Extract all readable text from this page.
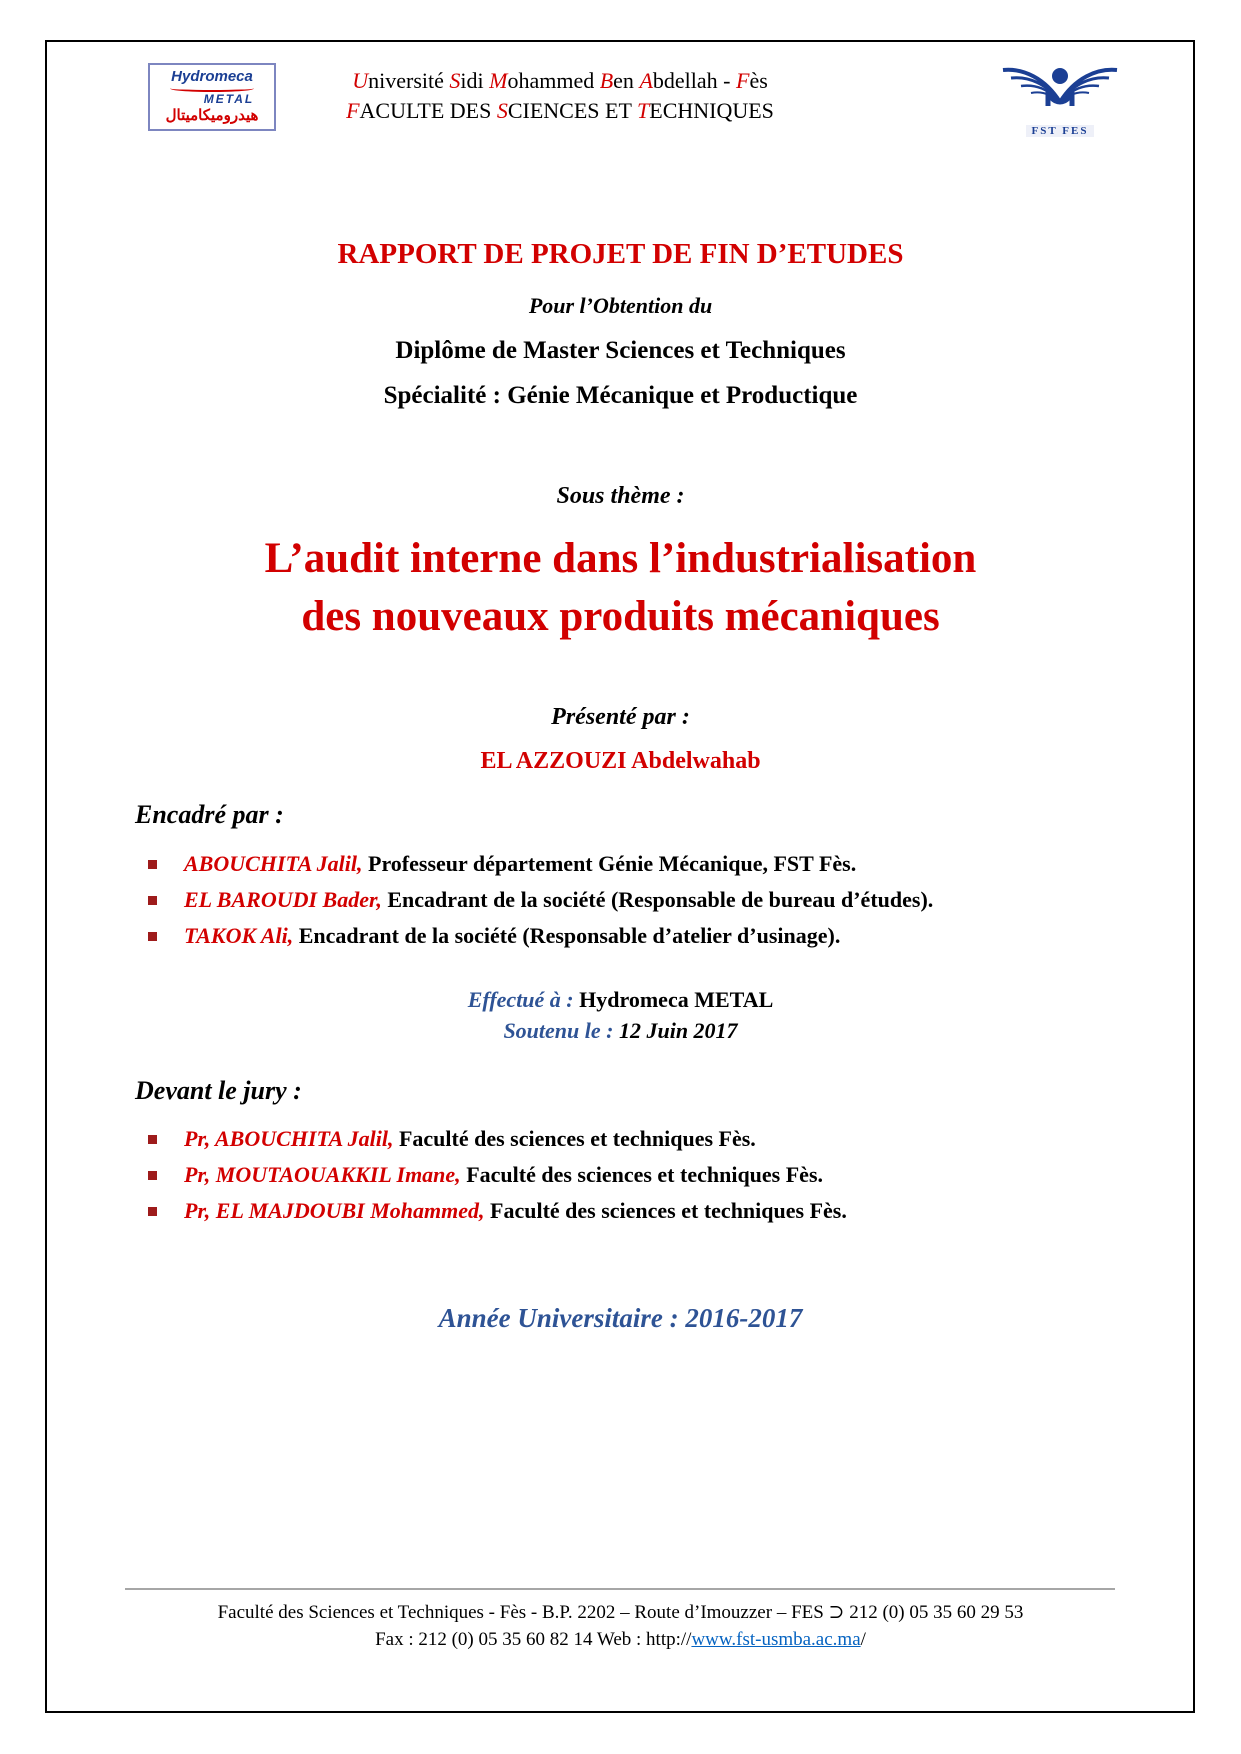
Hydromeca
METAL
هيدروميكاميتال
Université Sidi Mohammed Ben Abdellah - Fès
FACULTE DES SCIENCES ET TECHNIQUES
FST FES
RAPPORT DE PROJET DE FIN D’ETUDES
Pour l’Obtention du
Diplôme de Master Sciences et Techniques
Spécialité : Génie Mécanique et Productique
Sous thème :
L’audit interne dans l’industrialisation
des nouveaux produits mécaniques
Présenté par :
EL AZZOUZI Abdelwahab
Encadré par :
ABOUCHITA Jalil, Professeur département Génie Mécanique, FST Fès.
EL BAROUDI Bader, Encadrant de la société (Responsable de bureau d’études).
TAKOK Ali, Encadrant de la société (Responsable d’atelier d’usinage).
Effectué à : Hydromeca METAL
Soutenu le : 12 Juin 2017
Devant le jury :
Pr, ABOUCHITA Jalil, Faculté des sciences et techniques Fès.
Pr, MOUTAOUAKKIL Imane, Faculté des sciences et techniques Fès.
Pr, EL MAJDOUBI Mohammed, Faculté des sciences et techniques Fès.
Année Universitaire : 2016-2017
Faculté des Sciences et Techniques - Fès - B.P. 2202 – Route d’Imouzzer – FES ⊃ 212 (0) 05 35 60 29 53
Fax : 212 (0) 05 35 60 82 14 Web : http://www.fst-usmba.ac.ma/
